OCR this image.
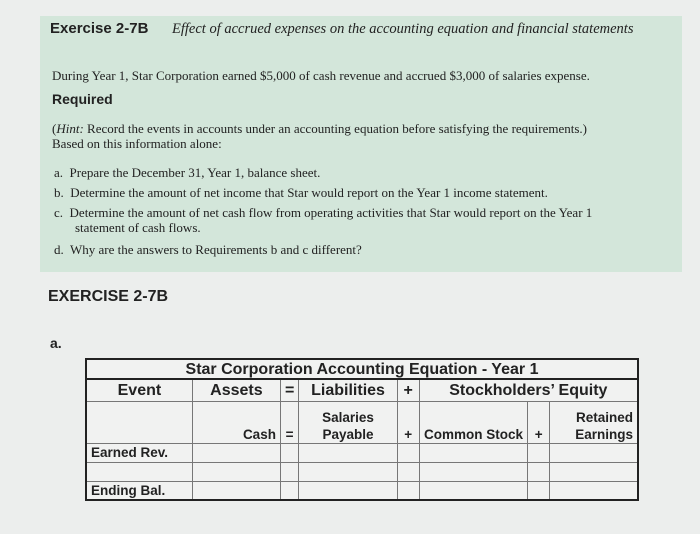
Exercise 2-7B Effect of accrued expenses on the accounting equation and financial statements
During Year 1, Star Corporation earned $5,000 of cash revenue and accrued $3,000 of salaries expense.
Required
(Hint: Record the events in accounts under an accounting equation before satisfying the requirements.)
Based on this information alone:
a. Prepare the December 31, Year 1, balance sheet.
b. Determine the amount of net income that Star would report on the Year 1 income statement.
c. Determine the amount of net cash flow from operating activities that Star would report on the Year 1 statement of cash flows.
d. Why are the answers to Requirements b and c different?
EXERCISE 2-7B
a.
Star Corporation Accounting Equation - Year 1							
Event	Assets	=	Liabilities	+	Stockholders’ Equity		
	Cash	=	Salaries Payable	+	Common Stock	+	Retained Earnings
Earned Rev.							

Ending Bal.							
